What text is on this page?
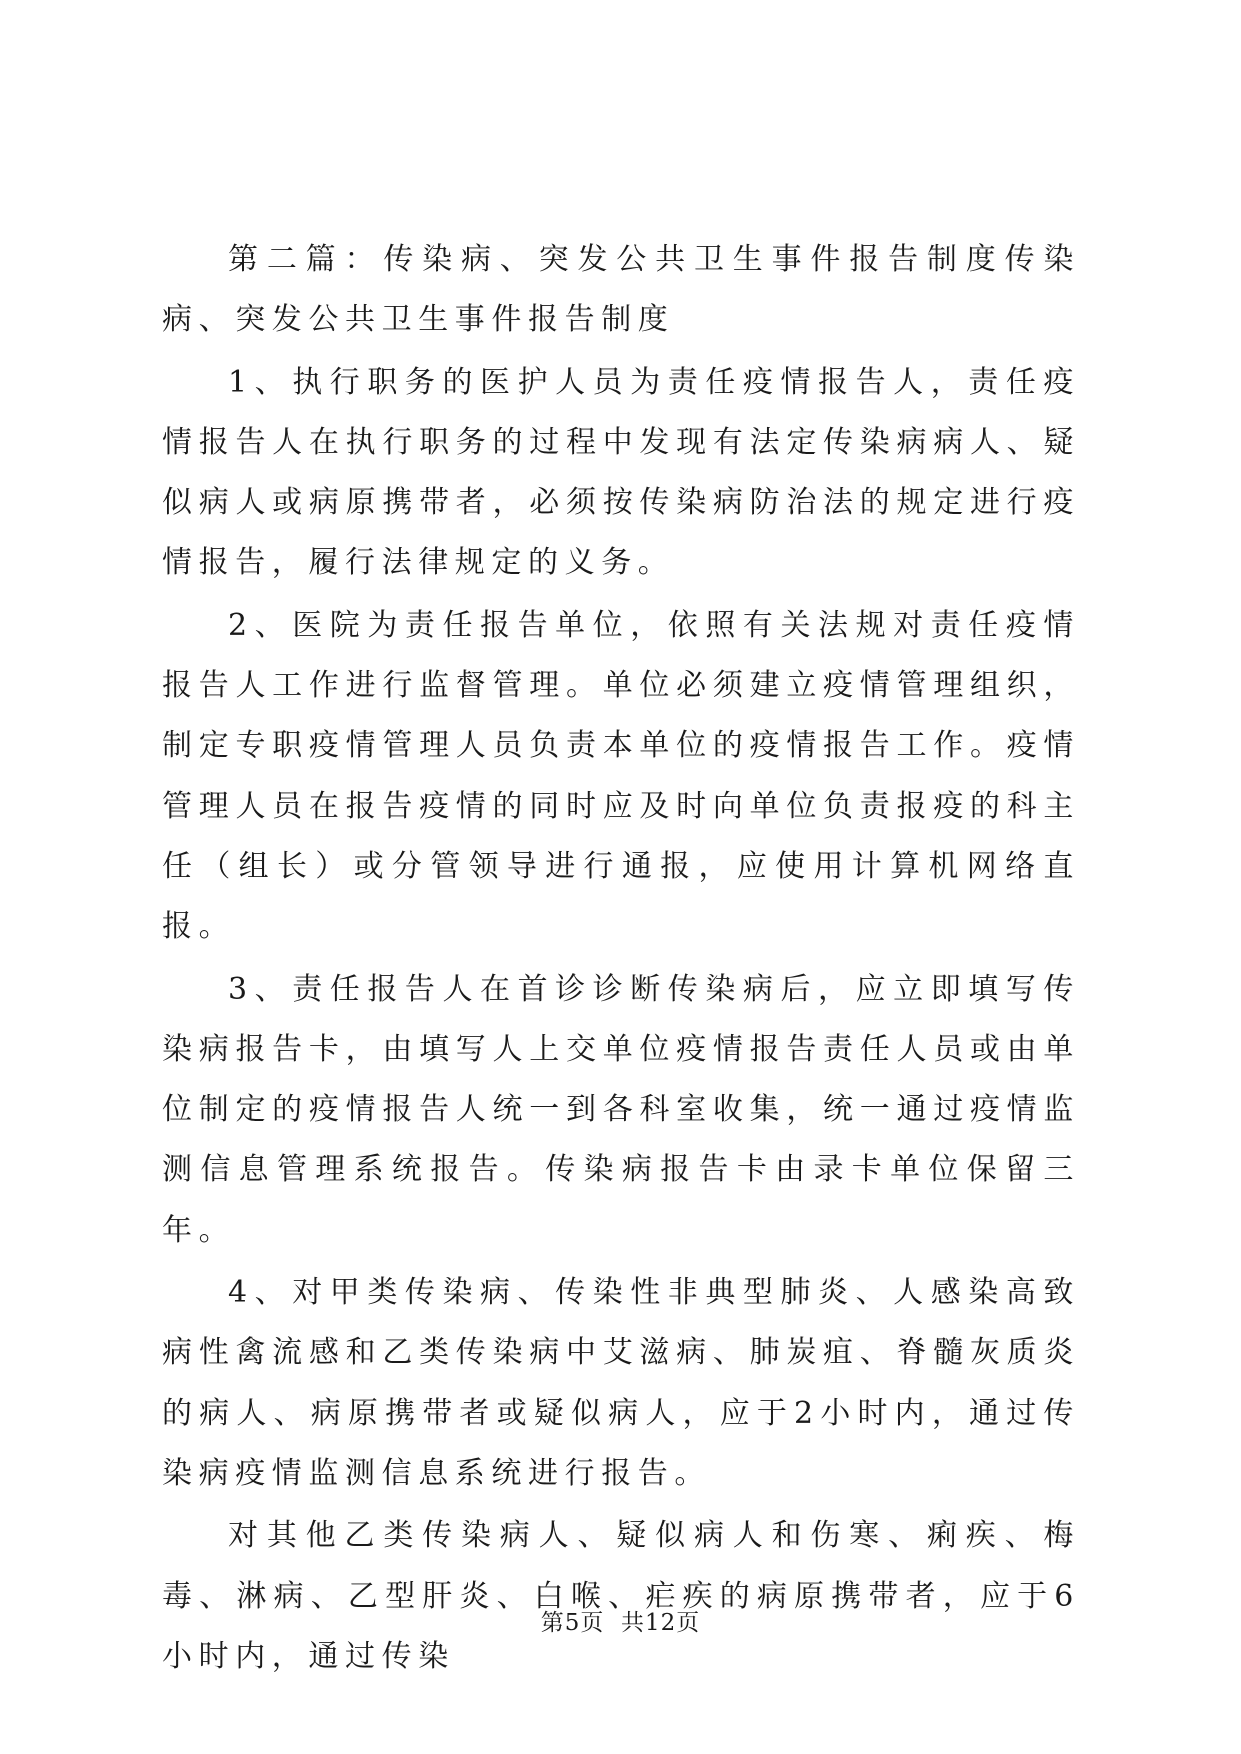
第二篇：传染病、突发公共卫生事件报告制度传染病、突发公共卫生事件报告制度

1、执行职务的医护人员为责任疫情报告人，责任疫情报告人在执行职务的过程中发现有法定传染病病人、疑似病人或病原携带者，必须按传染病防治法的规定进行疫情报告，履行法律规定的义务。

2、医院为责任报告单位，依照有关法规对责任疫情报告人工作进行监督管理。单位必须建立疫情管理组织，制定专职疫情管理人员负责本单位的疫情报告工作。疫情管理人员在报告疫情的同时应及时向单位负责报疫的科主任（组长）或分管领导进行通报，应使用计算机网络直报。

3、责任报告人在首诊诊断传染病后，应立即填写传染病报告卡，由填写人上交单位疫情报告责任人员或由单位制定的疫情报告人统一到各科室收集，统一通过疫情监测信息管理系统报告。传染病报告卡由录卡单位保留三年。

4、对甲类传染病、传染性非典型肺炎、人感染高致病性禽流感和乙类传染病中艾滋病、肺炭疽、脊髓灰质炎的病人、病原携带者或疑似病人，应于2小时内，通过传染病疫情监测信息系统进行报告。

对其他乙类传染病人、疑似病人和伤寒、痢疾、梅毒、淋病、乙型肝炎、白喉、疟疾的病原携带者，应于6小时内，通过传染

第5页  共12页
